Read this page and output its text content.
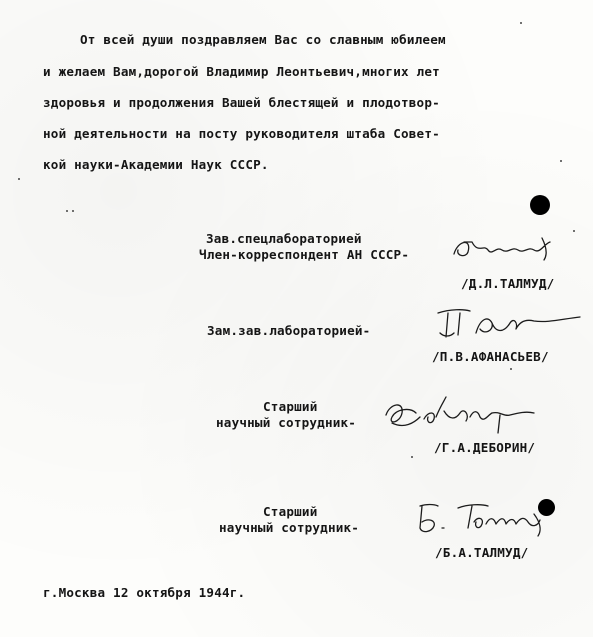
От всей души поздравляем Вас со славным юбилеем
и желаем Вам,дорогой Владимир Леонтьевич,многих лет
здоровья и продолжения Вашей блестящей и плодотвор-
ной деятельности на посту руководителя штаба Совет-
кой науки-Академии Наук СССР.
Зав.спецлабораторией
Член-корреспондент АН СССР-
/Д.Л.ТАЛМУД/
Зам.зав.лабораторией-
/П.В.АФАНАСЬЕВ/
Старший
научный сотрудник-
/Г.А.ДЕБОРИН/
Старший
научный сотрудник-
/Б.А.ТАЛМУД/
г.Москва 12 октября 1944г.
